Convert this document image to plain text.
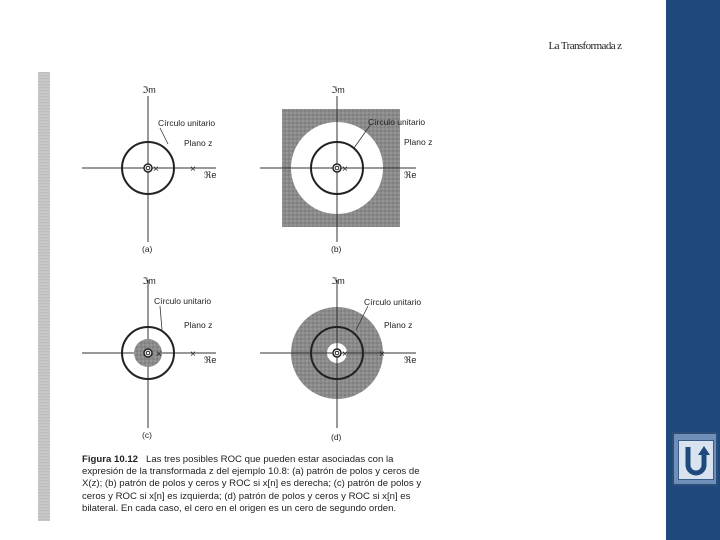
La Transformada z
×	×
ℑm
ℜe
Círculo unitario
Plano z
(a)
×
ℑm
ℜe
Círculo unitario
Plano z
(b)
×	×
ℑm
ℜe
Círculo unitario
Plano z
(c)
×	×
ℑm
ℜe
Círculo unitario
Plano z
(d)
Figura 10.12 Las tres posibles ROC que pueden estar asociadas con la expresión de la transformada z del ejemplo 10.8: (a) patrón de polos y ceros de X(z); (b) patrón de polos y ceros y ROC si x[n] es derecha; (c) patrón de polos y ceros y ROC si x[n] es izquierda; (d) patrón de polos y ceros y ROC si x[n] es bilateral. En cada caso, el cero en el origen es un cero de segundo orden.
